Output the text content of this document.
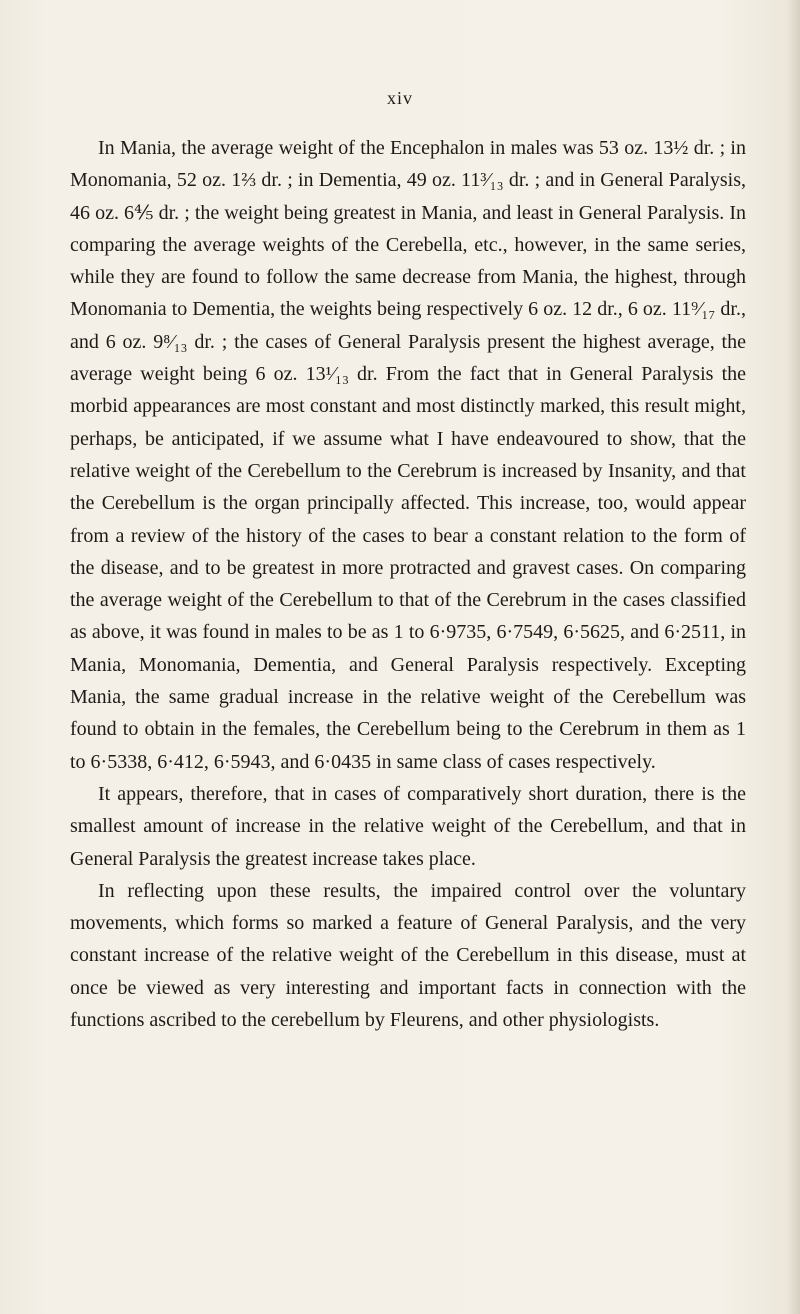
xiv

In Mania, the average weight of the Encephalon in males was 53 oz. 13½ dr. ; in Monomania, 52 oz. 1⅔ dr. ; in Dementia, 49 oz. 11³⁄₁₃ dr. ; and in General Paralysis, 46 oz. 6⅘ dr. ; the weight being greatest in Mania, and least in General Paralysis. In comparing the average weights of the Cerebella, etc., however, in the same series, while they are found to follow the same decrease from Mania, the highest, through Monomania to Dementia, the weights being respectively 6 oz. 12 dr., 6 oz. 11⁹⁄₁₇ dr., and 6 oz. 9⁸⁄₁₃ dr. ; the cases of General Paralysis present the highest average, the average weight being 6 oz. 13¹⁄₁₃ dr. From the fact that in General Paralysis the morbid appearances are most constant and most distinctly marked, this result might, perhaps, be anticipated, if we assume what I have endeavoured to show, that the relative weight of the Cerebellum to the Cerebrum is increased by Insanity, and that the Cerebellum is the organ principally affected. This increase, too, would appear from a review of the history of the cases to bear a constant relation to the form of the disease, and to be greatest in more protracted and gravest cases. On comparing the average weight of the Cerebellum to that of the Cerebrum in the cases classified as above, it was found in males to be as 1 to 6·9735, 6·7549, 6·5625, and 6·2511, in Mania, Monomania, Dementia, and General Paralysis respectively. Excepting Mania, the same gradual increase in the relative weight of the Cerebellum was found to obtain in the females, the Cerebellum being to the Cerebrum in them as 1 to 6·5338, 6·412, 6·5943, and 6·0435 in same class of cases respectively.

It appears, therefore, that in cases of comparatively short duration, there is the smallest amount of increase in the relative weight of the Cerebellum, and that in General Paralysis the greatest increase takes place.

In reflecting upon these results, the impaired control over the voluntary movements, which forms so marked a feature of General Paralysis, and the very constant increase of the relative weight of the Cerebellum in this disease, must at once be viewed as very interesting and important facts in connection with the functions ascribed to the cerebellum by Fleurens, and other physiologists.
